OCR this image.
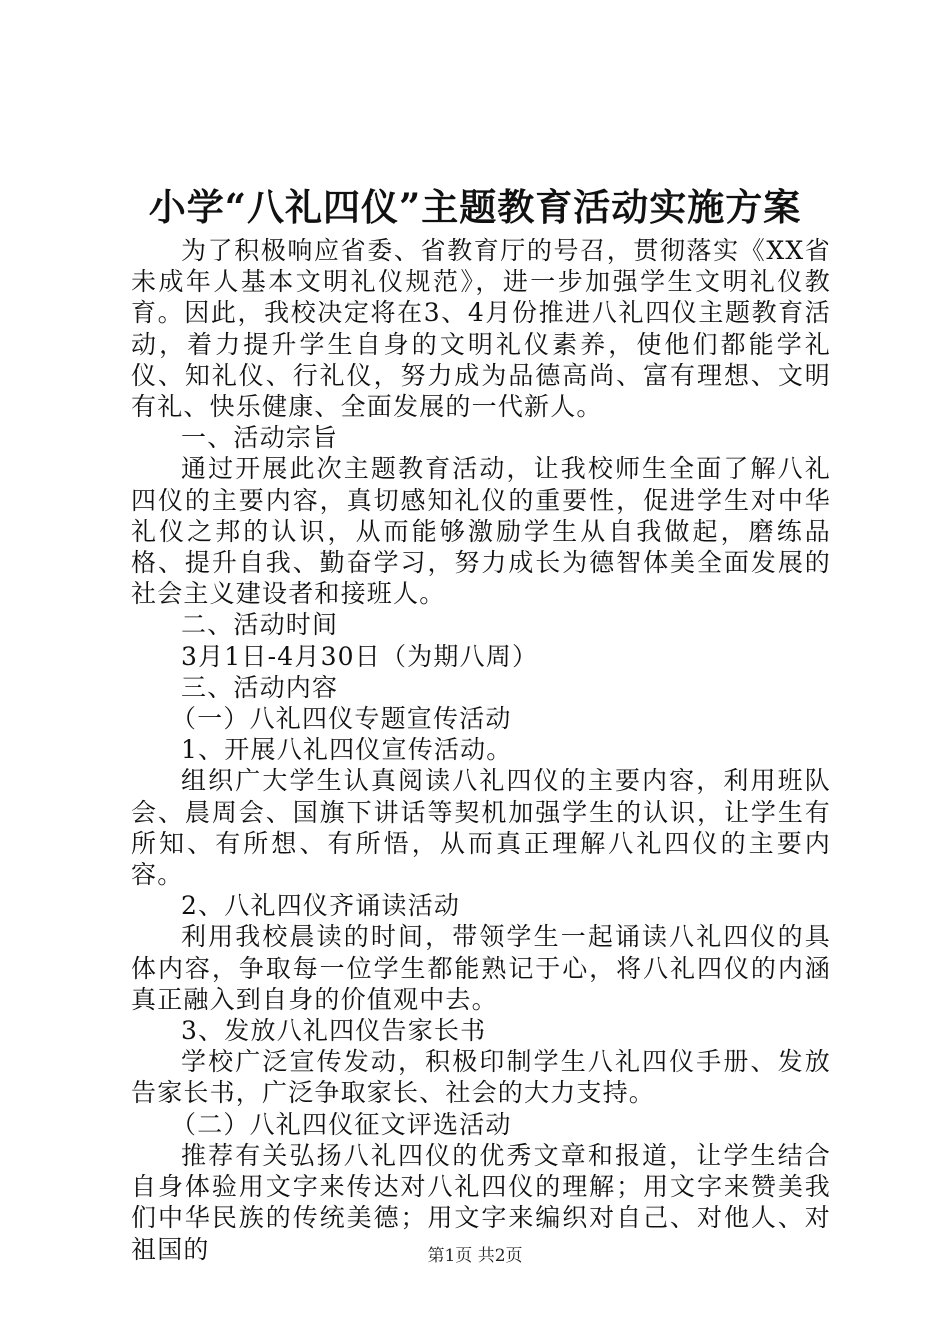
小学“八礼四仪”主题教育活动实施方案

为了积极响应省委、省教育厅的号召，贯彻落实《XX省未成年人基本文明礼仪规范》，进一步加强学生文明礼仪教育。因此，我校决定将在3、4月份推进八礼四仪主题教育活动，着力提升学生自身的文明礼仪素养，使他们都能学礼仪、知礼仪、行礼仪，努力成为品德高尚、富有理想、文明有礼、快乐健康、全面发展的一代新人。

一、活动宗旨

通过开展此次主题教育活动，让我校师生全面了解八礼四仪的主要内容，真切感知礼仪的重要性，促进学生对中华礼仪之邦的认识，从而能够激励学生从自我做起，磨练品格、提升自我、勤奋学习，努力成长为德智体美全面发展的社会主义建设者和接班人。

二、活动时间

3月1日-4月30日（为期八周）

三、活动内容

（一）八礼四仪专题宣传活动

1、开展八礼四仪宣传活动。

组织广大学生认真阅读八礼四仪的主要内容，利用班队会、晨周会、国旗下讲话等契机加强学生的认识，让学生有所知、有所想、有所悟，从而真正理解八礼四仪的主要内容。

2、八礼四仪齐诵读活动

利用我校晨读的时间，带领学生一起诵读八礼四仪的具体内容，争取每一位学生都能熟记于心，将八礼四仪的内涵真正融入到自身的价值观中去。

3、发放八礼四仪告家长书

学校广泛宣传发动，积极印制学生八礼四仪手册、发放告家长书，广泛争取家长、社会的大力支持。

（二）八礼四仪征文评选活动

推荐有关弘扬八礼四仪的优秀文章和报道，让学生结合自身体验用文字来传达对八礼四仪的理解；用文字来赞美我们中华民族的传统美德；用文字来编织对自己、对他人、对祖国的	第1页 共2页
